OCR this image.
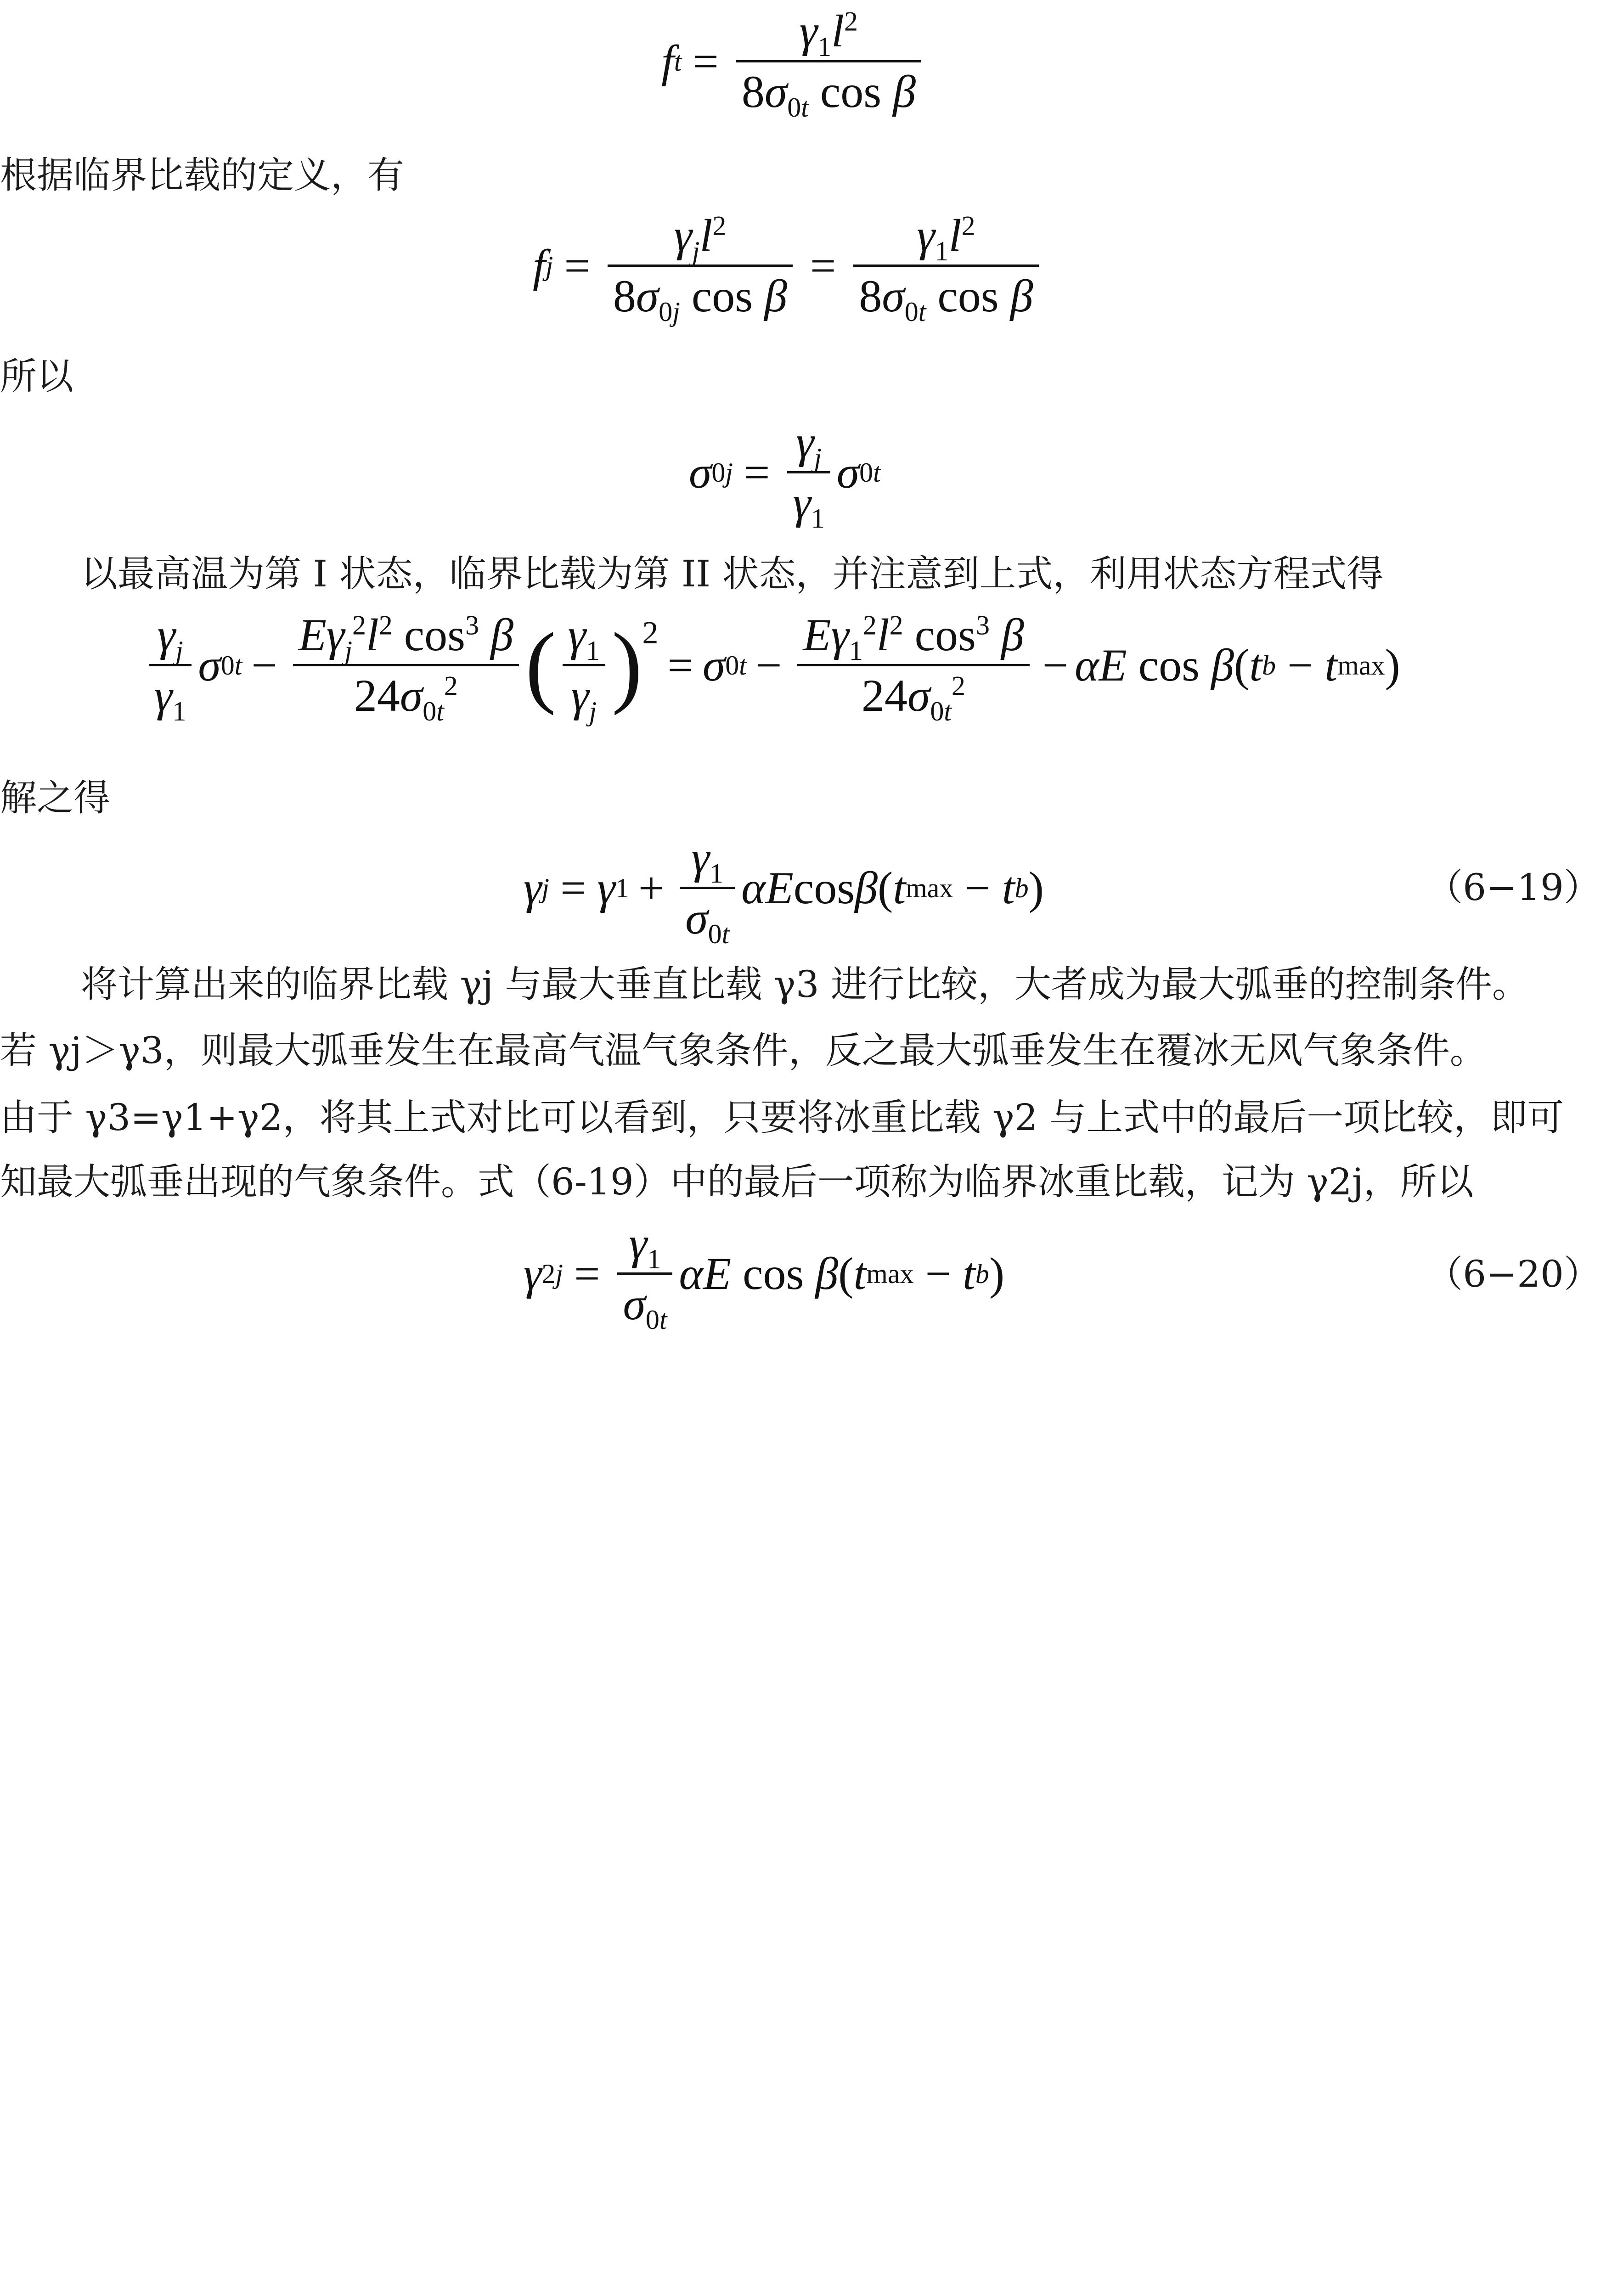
f t =
$\gamma_1l^2$
$8\sigma_{0t}$ cos β
根据临界比载的定义，有
f j =
$\gamma_jl^2$
$8\sigma_{0j}$ cos β
=
$\gamma_1l^2$
$8\sigma_{0t}$ cos β
所以
σ 0j =
$\gamma_j$
$\gamma_1$
σ 0t
以最高温为第 I 状态，临界比载为第 II 状态，并注意到上式，利用状态方程式得
$\gamma_j$
$\gamma_1$
σ 0t −
$E\gamma_j^2l^2$ $\cos^3 \beta$
$24\sigma_{0t}^2$ ( $\gamma_1$
$\gamma_j$ )$^2$
= σ 0t −
$E\gamma_1^2l^2$ $\cos^3 \beta$
$24\sigma_{0t}^2 - \alpha E$ cos β ( t b − t max )
解之得
γ j = γ 1 +
$\gamma_1$
$\sigma_{0t}$
αE cos β ( t max − t b )	（6−19）
将计算出来的临界比载 γj 与最大垂直比载 γ3 进行比较，大者成为最大弧垂的控制条件。
若 γj＞γ3，则最大弧垂发生在最高气温气象条件，反之最大弧垂发生在覆冰无风气象条件。
由于 γ3=γ1+γ2，将其上式对比可以看到，只要将冰重比载 γ2 与上式中的最后一项比较，即可
知最大弧垂出现的气象条件。式（6-19）中的最后一项称为临界冰重比载，记为 γ2j，所以
γ 2j =
$\gamma_1$
$\sigma_{0t}$
αE cos β ( t max − t b )	（6−20）
